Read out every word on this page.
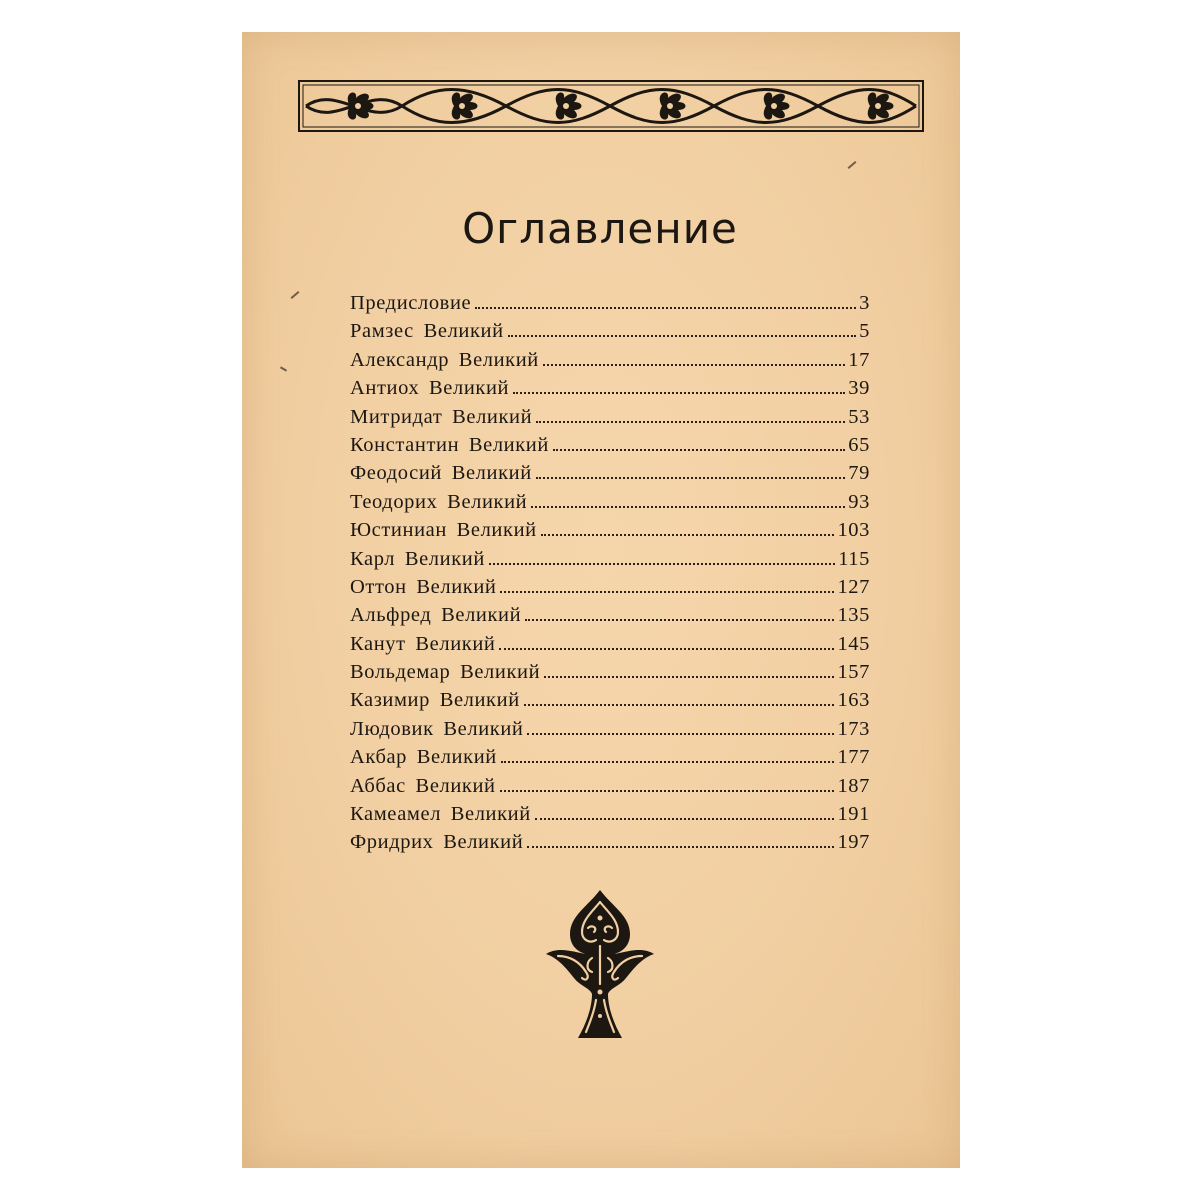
Оглавление
Предисловие	3
Рамзес Великий	5
Александр Великий	17
Антиох Великий	39
Митридат Великий	53
Константин Великий	65
Феодосий Великий	79
Теодорих Великий	93
Юстиниан Великий	103
Карл Великий	115
Оттон Великий	127
Альфред Великий	135
Канут Великий	145
Вольдемар Великий	157
Казимир Великий	163
Людовик Великий	173
Акбар Великий	177
Аббас Великий	187
Камеамел Великий	191
Фридрих Великий	197
